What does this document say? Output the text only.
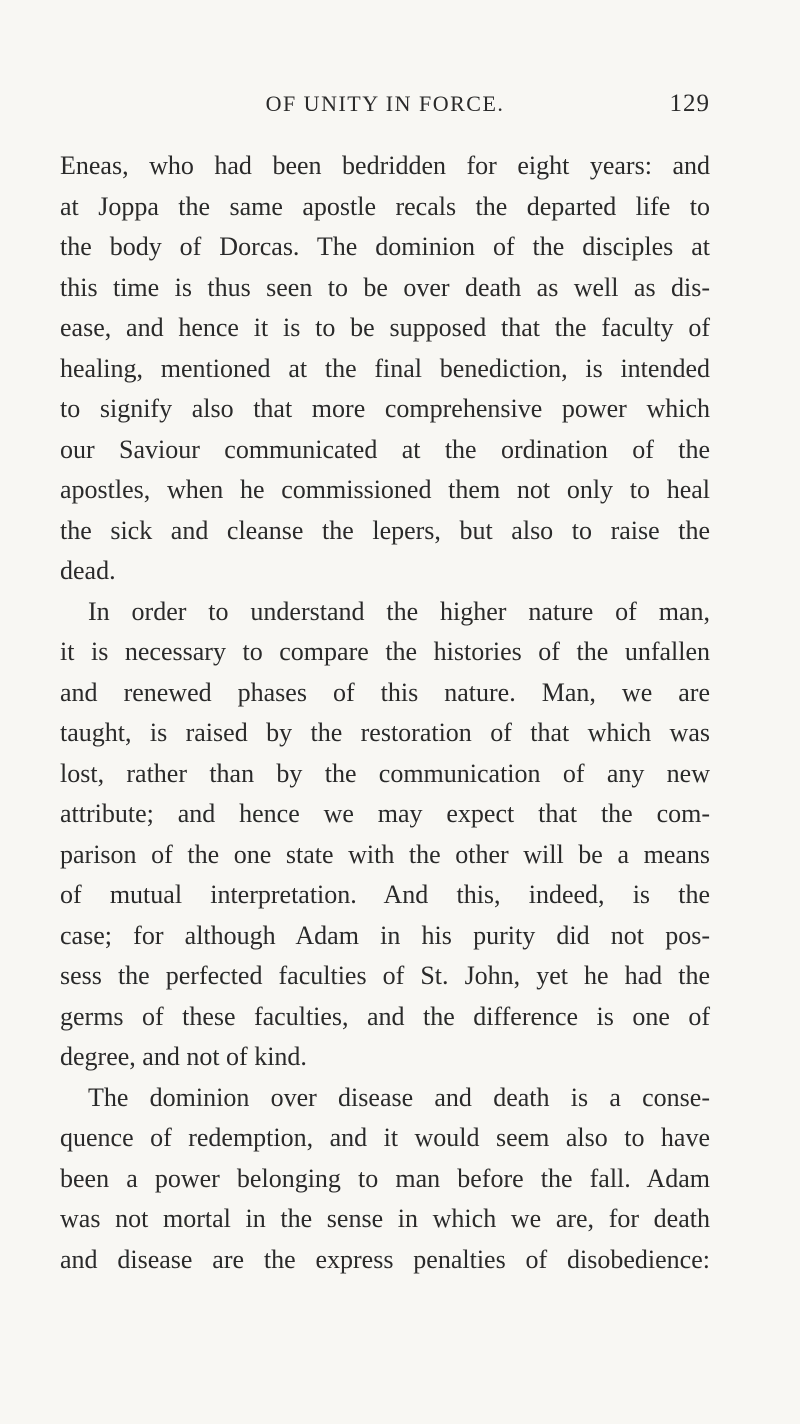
OF UNITY IN FORCE.	129
Eneas, who had been bedridden for eight years: and
at Joppa the same apostle recals the departed life to
the body of Dorcas. The dominion of the disciples at
this time is thus seen to be over death as well as dis-
ease, and hence it is to be supposed that the faculty of
healing, mentioned at the final benediction, is intended
to signify also that more comprehensive power which
our Saviour communicated at the ordination of the
apostles, when he commissioned them not only to heal
the sick and cleanse the lepers, but also to raise the
dead.
In order to understand the higher nature of man,
it is necessary to compare the histories of the unfallen
and renewed phases of this nature. Man, we are
taught, is raised by the restoration of that which was
lost, rather than by the communication of any new
attribute; and hence we may expect that the com-
parison of the one state with the other will be a means
of mutual interpretation. And this, indeed, is the
case; for although Adam in his purity did not pos-
sess the perfected faculties of St. John, yet he had the
germs of these faculties, and the difference is one of
degree, and not of kind.
The dominion over disease and death is a conse-
quence of redemption, and it would seem also to have
been a power belonging to man before the fall. Adam
was not mortal in the sense in which we are, for death
and disease are the express penalties of disobedience:
